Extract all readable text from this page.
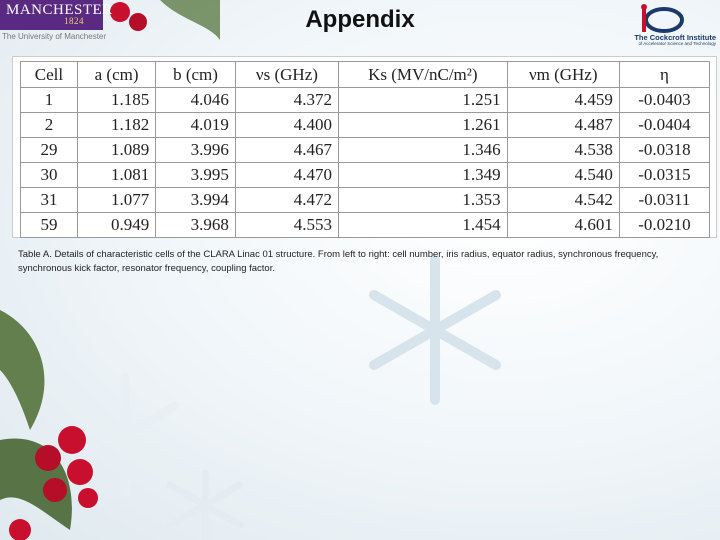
MANCHESTER
1824
The University of Manchester
Appendix
The Cockcroft Institute
of Accelerator Science and Technology
Cell	a (cm)	b (cm)	νs (GHz)	Ks (MV/nC/m²)	νm (GHz)	η
1	1.185	4.046	4.372	1.251	4.459	-0.0403
2	1.182	4.019	4.400	1.261	4.487	-0.0404
29	1.089	3.996	4.467	1.346	4.538	-0.0318
30	1.081	3.995	4.470	1.349	4.540	-0.0315
31	1.077	3.994	4.472	1.353	4.542	-0.0311
59	0.949	3.968	4.553	1.454	4.601	-0.0210
Table A. Details of characteristic cells of the CLARA Linac 01 structure. From left to right: cell number, iris radius, equator radius, synchronous frequency, synchronous kick factor, resonator frequency, coupling factor.
